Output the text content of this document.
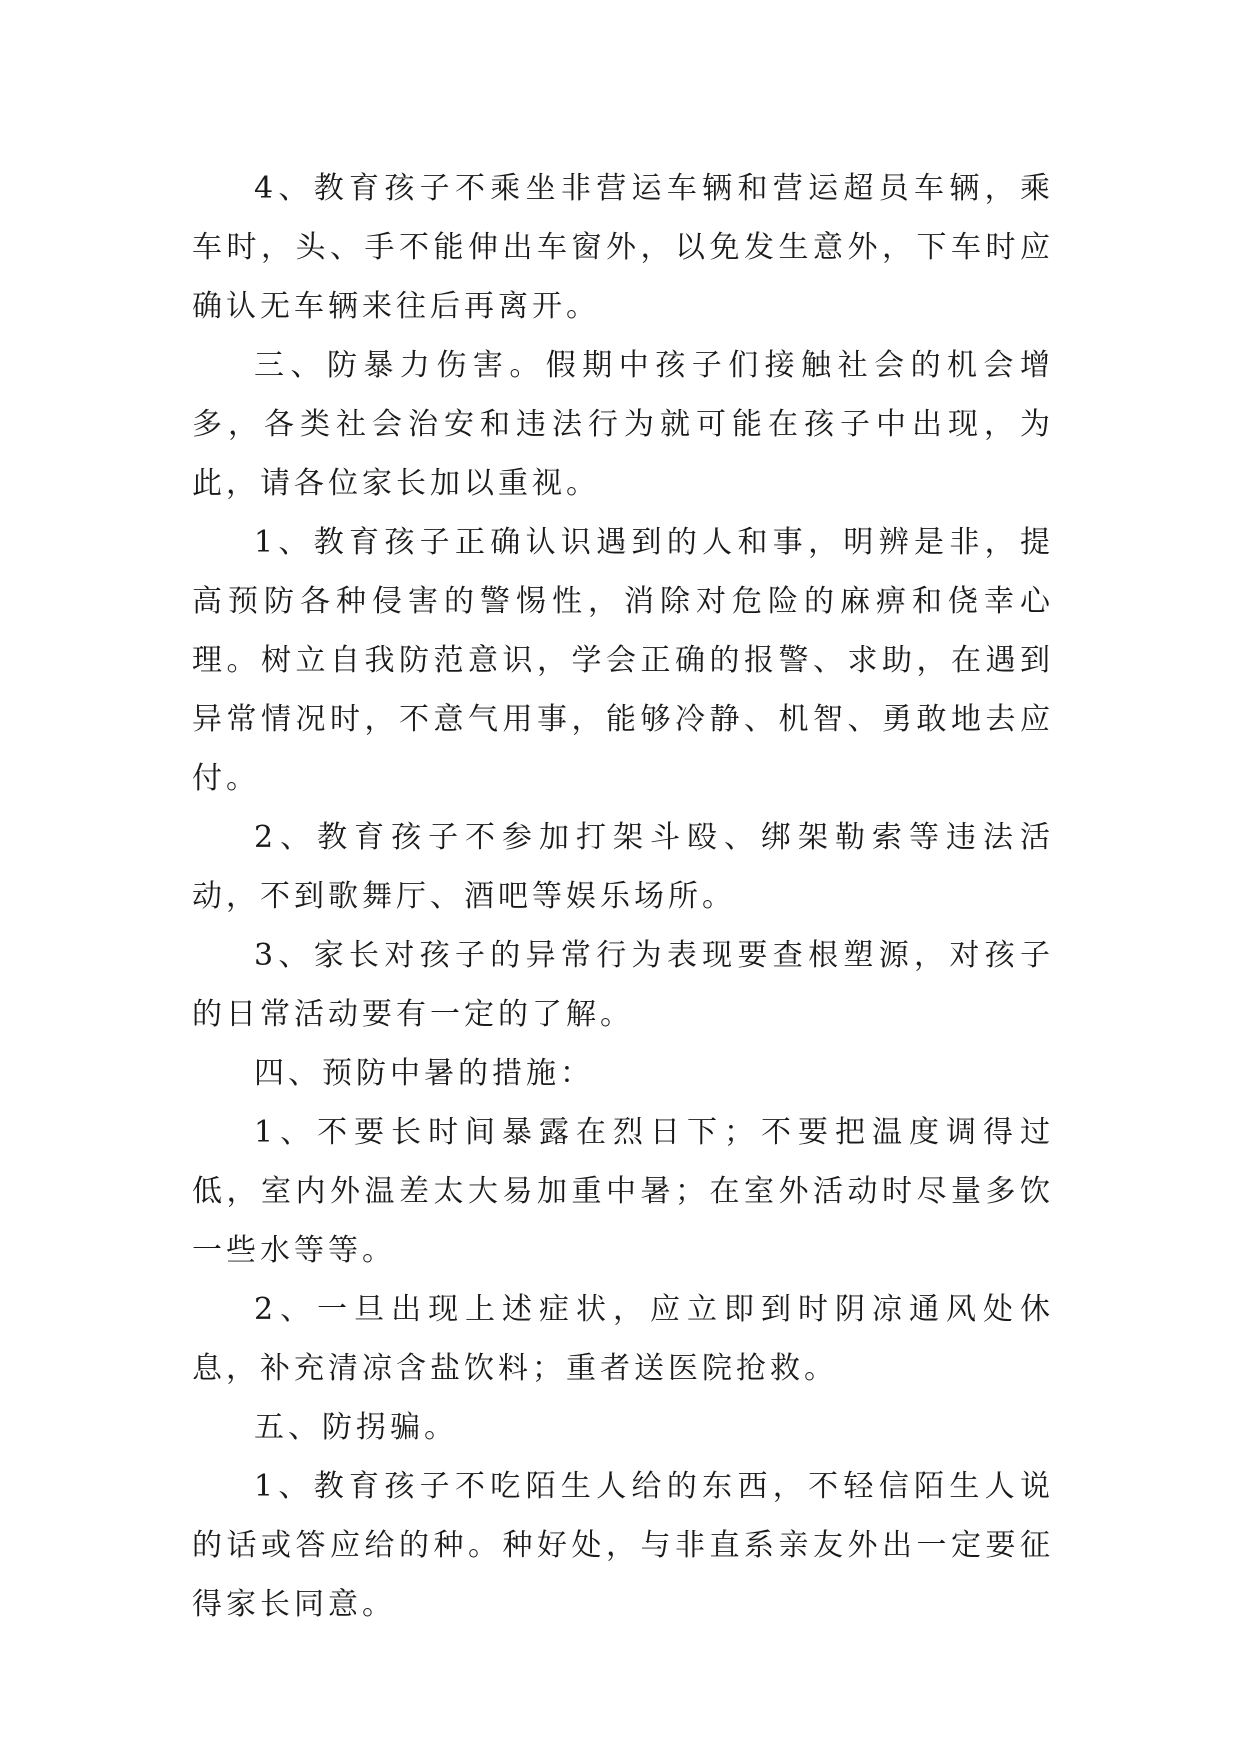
4、教育孩子不乘坐非营运车辆和营运超员车辆，乘车时，头、手不能伸出车窗外，以免发生意外，下车时应确认无车辆来往后再离开。

三、防暴力伤害。假期中孩子们接触社会的机会增多，各类社会治安和违法行为就可能在孩子中出现，为此，请各位家长加以重视。

1、教育孩子正确认识遇到的人和事，明辨是非，提高预防各种侵害的警惕性，消除对危险的麻痹和侥幸心理。树立自我防范意识，学会正确的报警、求助，在遇到异常情况时，不意气用事，能够冷静、机智、勇敢地去应付。

2、教育孩子不参加打架斗殴、绑架勒索等违法活动，不到歌舞厅、酒吧等娱乐场所。

3、家长对孩子的异常行为表现要查根塑源，对孩子的日常活动要有一定的了解。

四、预防中暑的措施：

1、不要长时间暴露在烈日下；不要把温度调得过低，室内外温差太大易加重中暑；在室外活动时尽量多饮一些水等等。

2、一旦出现上述症状，应立即到时阴凉通风处休息，补充清凉含盐饮料；重者送医院抢救。

五、防拐骗。

1、教育孩子不吃陌生人给的东西，不轻信陌生人说的话或答应给的种。种好处，与非直系亲友外出一定要征得家长同意。
